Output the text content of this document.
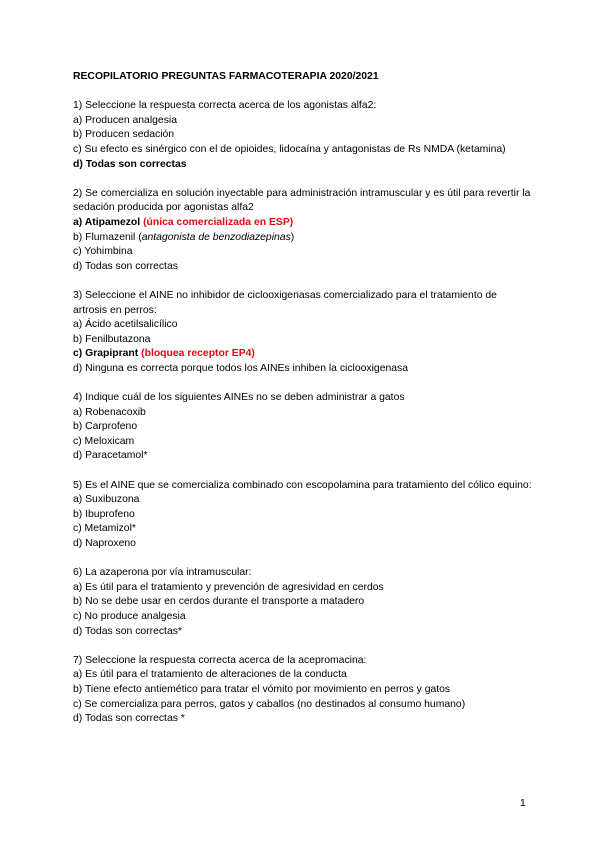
RECOPILATORIO PREGUNTAS FARMACOTERAPIA 2020/2021
1) Seleccione la respuesta correcta acerca de los agonistas alfa2:
a) Producen analgesia
b) Producen sedación
c) Su efecto es sinérgico con el de opioides, lidocaína y antagonistas de Rs NMDA (ketamina)
d) Todas son correctas
2) Se comercializa en solución inyectable para administración intramuscular y es útil para revertir la sedación producida por agonistas alfa2
a) Atipamezol (única comercializada en ESP)
b) Flumazenil (antagonista de benzodiazepinas)
c) Yohimbina
d) Todas son correctas
3) Seleccione el AINE no inhibidor de ciclooxigenasas comercializado para el tratamiento de artrosis en perros:
a) Ácido acetilsalicílico
b) Fenilbutazona
c) Grapiprant (bloquea receptor EP4)
d) Ninguna es correcta porque todos los AINEs inhiben la ciclooxigenasa
4) Indique cuál de los siguientes AINEs no se deben administrar a gatos
a) Robenacoxib
b) Carprofeno
c) Meloxicam
d) Paracetamol*
5) Es el AINE que se comercializa combinado con escopolamina para tratamiento del cólico equino:
a) Suxibuzona
b) Ibuprofeno
c) Metamizol*
d) Naproxeno
6) La azaperona por vía intramuscular:
a) Es útil para el tratamiento y prevención de agresividad en cerdos
b) No se debe usar en cerdos durante el transporte a matadero
c) No produce analgesia
d) Todas son correctas*
7) Seleccione la respuesta correcta acerca de la acepromacina:
a) Es útil para el tratamiento de alteraciones de la conducta
b) Tiene efecto antiemético para tratar el vómito por movimiento en perros y gatos
c) Se comercializa para perros, gatos y caballos (no destinados al consumo humano)
d) Todas son correctas *
1
